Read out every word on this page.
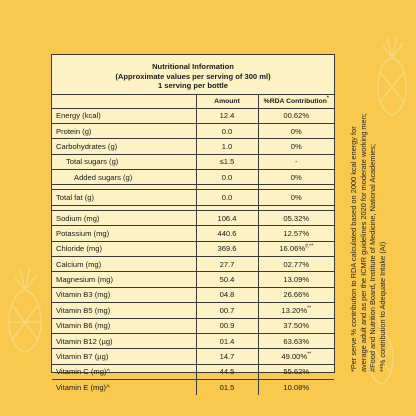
Nutritional Information
(Approximate values per serving of 300 ml)
1 serving per bottle
	Amount	%RDA Contribution*
Energy (kcal)	12.4	00.62%
Protein (g)	0.0	0%
Carbohydrates (g)	1.0	0%
Total sugars (g)	≤1.5	-
Added sugars (g)	0.0	0%

Total fat (g)	0.0	0%

Sodium (mg)	106.4	05.32%
Potassium (mg)	440.6	12.57%
Chloride (mg)	369.6	16.06%#,**
Calcium (mg)	27.7	02.77%
Magnesium (mg)	50.4	13.09%
Vitamin B3 (mg)	04.8	26.66%
Vitamin B5 (mg)	00.7	13.20%**
Vitamin B6 (mg)	00.9	37.50%
Vitamin B12 (µg)	01.4	63.63%
Vitamin B7 (µg)	14.7	49.00%**
Vitamin C (mg)^	44.5	55.62%
Vitamin E (mg)^	01.5	10.08%
*Per serve % contribution to RDA calculated based on 2000 kcal energy for average adult and as per the ICMR guidelines 2020 for moderate working men; #Food and Nutrition Board, Institute of Medicine, National Academies; **% contribution to Adequate Intake (AI)
